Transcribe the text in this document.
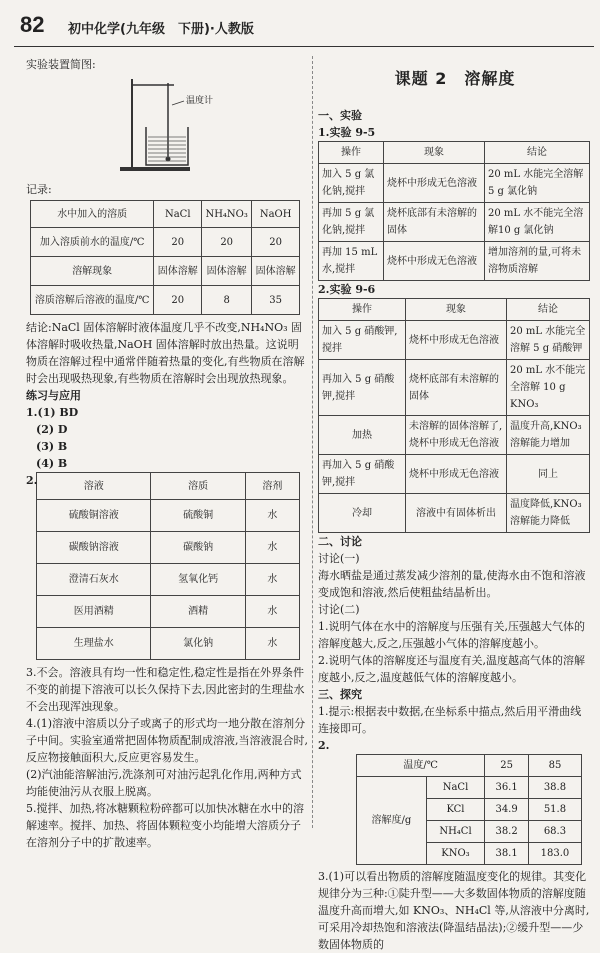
82 初中化学(九年级　下册)·人教版

实验装置简图:

温度计

记录:

水中加入的溶质	NaCl	NH₄NO₃	NaOH
加入溶质前水的温度/℃	20	20	20
溶解现象	固体溶解	固体溶解	固体溶解
溶质溶解后溶液的温度/℃	20	8	35

结论:NaCl 固体溶解时液体温度几乎不改变,NH₄NO₃ 固体溶解时吸收热量,NaOH 固体溶解时放出热量。这说明物质在溶解过程中通常伴随着热量的变化,有些物质在溶解时会出现吸热现象,有些物质在溶解时会出现放热现象。

练习与应用

1.(1) BD

(2) D

(3) B

(4) B

2.	溶液	溶质	溶剂
硫酸铜溶液	硫酸铜	水
碳酸钠溶液	碳酸钠	水
澄清石灰水	氢氧化钙	水
医用酒精	酒精	水
生理盐水	氯化钠	水

3.不会。溶液具有均一性和稳定性,稳定性是指在外界条件不变的前提下溶液可以长久保持下去,因此密封的生理盐水不会出现浑浊现象。

4.(1)溶液中溶质以分子或离子的形式均一地分散在溶剂分子中间。实验室通常把固体物质配制成溶液,当溶液混合时,反应物接触面积大,反应更容易发生。

(2)汽油能溶解油污,洗涤剂可对油污起乳化作用,两种方式均能使油污从衣服上脱离。

5.搅拌、加热,将冰糖颗粒粉碎都可以加快冰糖在水中的溶解速率。搅拌、加热、将固体颗粒变小均能增大溶质分子在溶剂分子中的扩散速率。

课题 2　溶解度

一、实验

1.实验 9-5

操作	现象	结论
加入 5 g 氯化钠,搅拌	烧杯中形成无色溶液	20 mL 水能完全溶解 5 g 氯化钠
再加 5 g 氯化钠,搅拌	烧杯底部有未溶解的固体	20 mL 水不能完全溶解10 g 氯化钠
再加 15 mL 水,搅拌	烧杯中形成无色溶液	增加溶剂的量,可将未溶物质溶解

2.实验 9-6

操作	现象	结论
加入 5 g 硝酸钾,搅拌	烧杯中形成无色溶液	20 mL 水能完全溶解 5 g 硝酸钾
再加入 5 g 硝酸钾,搅拌	烧杯底部有未溶解的固体	20 mL 水不能完全溶解 10 g KNO₃
加热	未溶解的固体溶解了,烧杯中形成无色溶液	温度升高,KNO₃ 溶解能力增加
再加入 5 g 硝酸钾,搅拌	烧杯中形成无色溶液	同上
冷却	溶液中有固体析出	温度降低,KNO₃ 溶解能力降低

二、讨论

讨论(一)

海水晒盐是通过蒸发减少溶剂的量,使海水由不饱和溶液变成饱和溶液,然后使粗盐结晶析出。

讨论(二)

1.说明气体在水中的溶解度与压强有关,压强越大气体的溶解度越大,反之,压强越小气体的溶解度越小。

2.说明气体的溶解度还与温度有关,温度越高气体的溶解度越小,反之,温度越低气体的溶解度越小。

三、探究

1.提示:根据表中数据,在坐标系中描点,然后用平滑曲线连接即可。

2.

温度/℃		25	85
溶解度/g	NaCl	36.1	38.8
	KCl	34.9	51.8
	NH₄Cl	38.2	68.3
	KNO₃	38.1	183.0

3.(1)可以看出物质的溶解度随温度变化的规律。其变化规律分为三种:①陡升型——大多数固体物质的溶解度随温度升高而增大,如 KNO₃、NH₄Cl 等,从溶液中分离时,可采用冷却热饱和溶液法(降温结晶法);②缓升型——少数固体物质的
